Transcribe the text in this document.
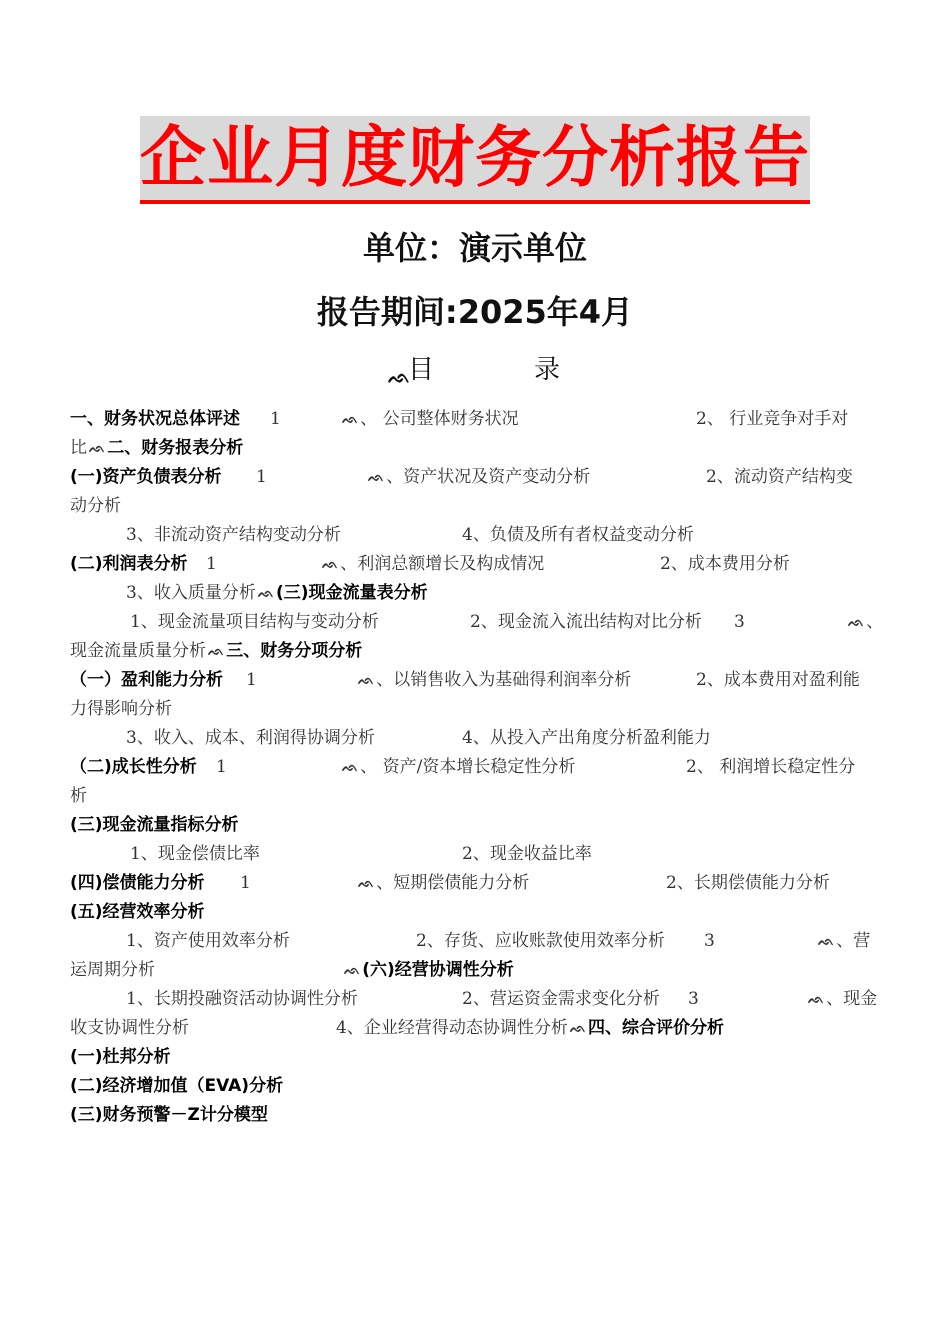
企业月度财务分析报告
单位 ： 演示单位
报告期间:2025年4月
ᨒ
目	录
一、财务状况总体评述 1	ᨒ 、 公司整体财务状况	2、 行业竞争对手对
比 ᨒ 二、财务报表分析
(一)资产负债表分析 1	ᨒ 、资产状况及资产变动分析	2、流动资产结构变
动分析
3、非流动资产结构变动分析	4、负债及所有者权益变动分析
(二)利润表分析 1	ᨒ 、利润总额增长及构成情况	2、成本费用分析
3、收入质量分析 ᨒ (三)现金流量表分析
1、现金流量项目结构与变动分析	2、现金流入流出结构对比分析 3	ᨒ 、
现金流量质量分析 ᨒ 三、财务分项分析
（一）盈利能力分析 1	ᨒ 、以销售收入为基础得利润率分析	2、成本费用对盈利能
力得影响分析
3、收入、成本、利润得协调分析	4、从投入产出角度分析盈利能力
（二)成长性分析 1	ᨒ 、 资产/资本增长稳定性分析	2、 利润增长稳定性分
析
(三)现金流量指标分析
1、现金偿债比率	2、现金收益比率
(四)偿债能力分析 1	ᨒ 、短期偿债能力分析	2、长期偿债能力分析
(五)经营效率分析
1、资产使用效率分析	2、存货、应收账款使用效率分析 3	ᨒ 、营
运周期分析	ᨒ (六)经营协调性分析
1、长期投融资活动协调性分析	2、营运资金需求变化分析 3	ᨒ 、现金
收支协调性分析	4、企业经营得动态协调性分析 ᨒ 四、综合评价分析
(一)杜邦分析
(二)经济增加值（EVA)分析
(三)财务预警－Z计分模型
